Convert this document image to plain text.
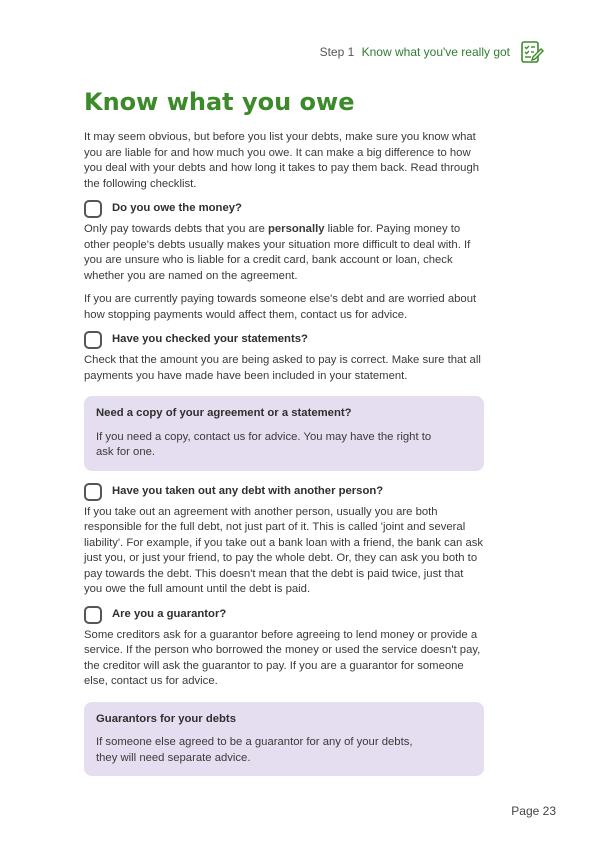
Step 1 Know what you've really got
Know what you owe

It may seem obvious, but before you list your debts, make sure you know what you are liable for and how much you owe. It can make a big difference to how you deal with your debts and how long it takes to pay them back. Read through the following checklist.

Do you owe the money?

Only pay towards debts that you are personally liable for. Paying money to other people's debts usually makes your situation more difficult to deal with. If you are unsure who is liable for a credit card, bank account or loan, check whether you are named on the agreement.

If you are currently paying towards someone else's debt and are worried about how stopping payments would affect them, contact us for advice.

Have you checked your statements?

Check that the amount you are being asked to pay is correct. Make sure that all payments you have made have been included in your statement.

Need a copy of your agreement or a statement?

If you need a copy, contact us for advice. You may have the right to ask for one.

Have you taken out any debt with another person?

If you take out an agreement with another person, usually you are both responsible for the full debt, not just part of it. This is called 'joint and several liability'. For example, if you take out a bank loan with a friend, the bank can ask just you, or just your friend, to pay the whole debt. Or, they can ask you both to pay towards the debt. This doesn't mean that the debt is paid twice, just that you owe the full amount until the debt is paid.

Are you a guarantor?

Some creditors ask for a guarantor before agreeing to lend money or provide a service. If the person who borrowed the money or used the service doesn't pay, the creditor will ask the guarantor to pay. If you are a guarantor for someone else, contact us for advice.

Guarantors for your debts

If someone else agreed to be a guarantor for any of your debts, they will need separate advice.

Page 23
